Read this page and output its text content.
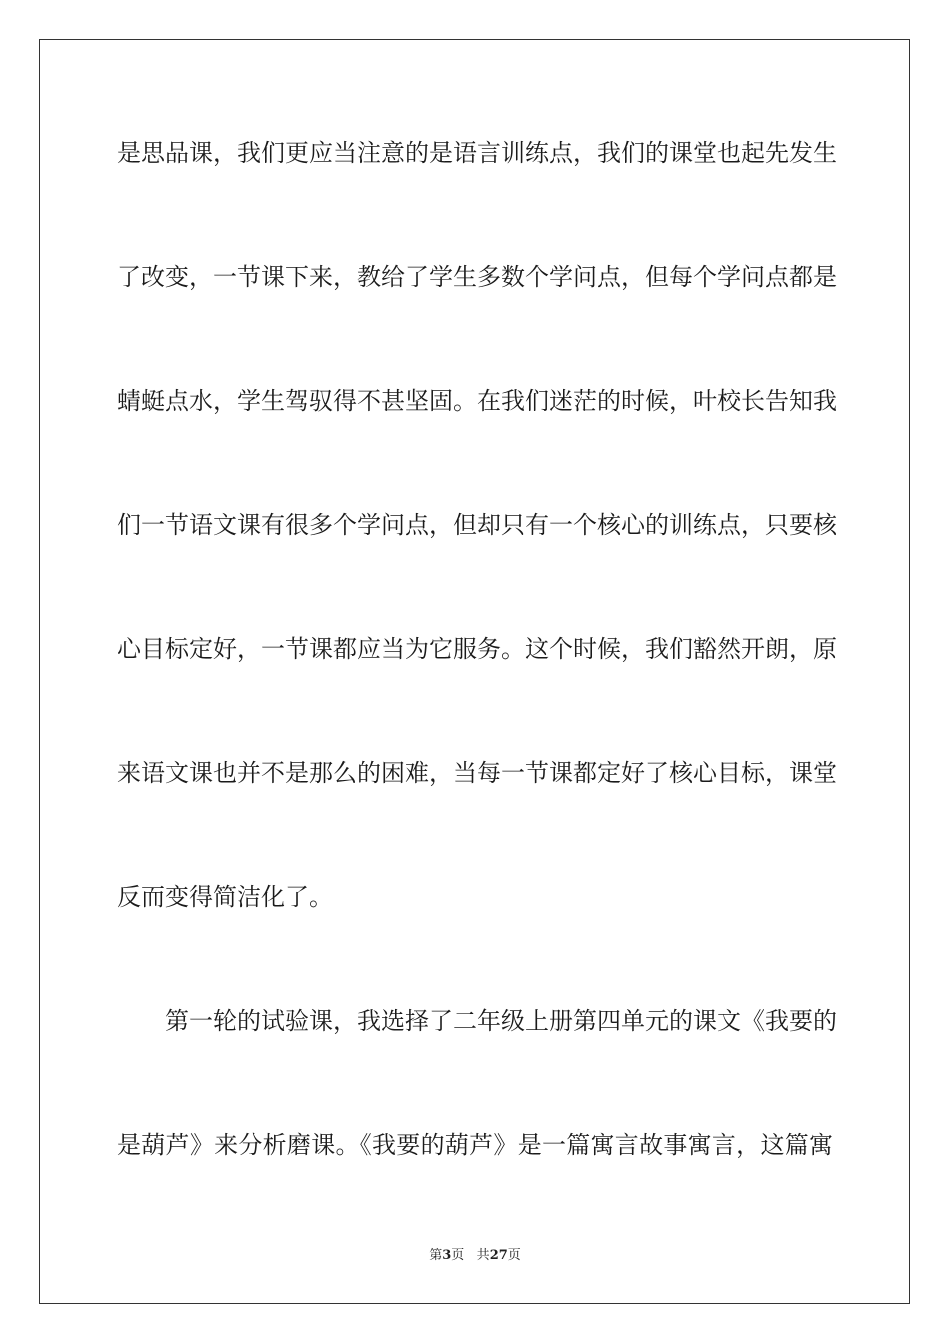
是思品课，我们更应当注意的是语言训练点，我们的课堂也起先发生
了改变，一节课下来，教给了学生多数个学问点，但每个学问点都是
蜻蜓点水，学生驾驭得不甚坚固。在我们迷茫的时候，叶校长告知我
们一节语文课有很多个学问点，但却只有一个核心的训练点，只要核
心目标定好，一节课都应当为它服务。这个时候，我们豁然开朗，原
来语文课也并不是那么的困难，当每一节课都定好了核心目标，课堂
反而变得简洁化了。
第一轮的试验课，我选择了二年级上册第四单元的课文《我要的
是葫芦》来分析磨课。《我要的葫芦》是一篇寓言故事寓言，这篇寓
第3页 共27页
